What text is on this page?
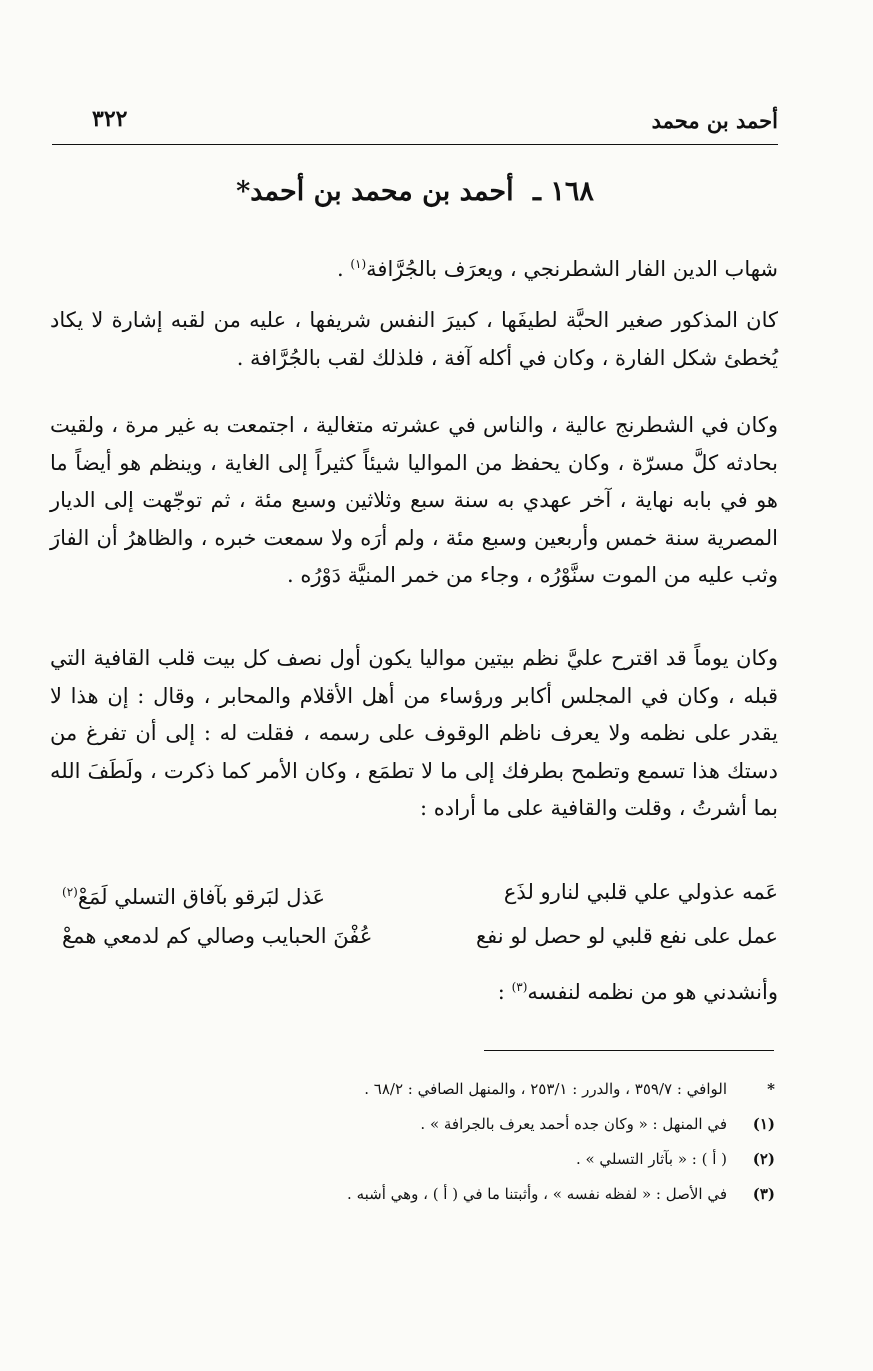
أحمد بن محمد
٣٢٢
١٦٨ ـ أحمد بن محمد بن أحمد*

شهاب الدين الفار الشطرنجي ، ويعرَف بالجُرَّافة$^{(١)}$ .

كان المذكور صغير الحبَّة لطيفَها ، كبيرَ النفس شريفها ، عليه من لقبه إشارة لا يكاد يُخطئ شكل الفارة ، وكان في أكله آفة ، فلذلك لقب بالجُرَّافة .

وكان في الشطرنج عالية ، والناس في عشرته متغالية ، اجتمعت به غير مرة ، ولقيت بحادثه كلَّ مسرّة ، وكان يحفظ من المواليا شيئاً كثيراً إلى الغاية ، وينظم هو أيضاً ما هو في بابه نهاية ، آخر عهدي به سنة سبع وثلاثين وسبع مئة ، ثم توجّهت إلى الديار المصرية سنة خمس وأربعين وسبع مئة ، ولم أرَه ولا سمعت خبره ، والظاهرُ أن الفارَ وثب عليه من الموت سنَّوْرُه ، وجاء من خمر المنيَّة دَوْرُه .

وكان يوماً قد اقترح عليَّ نظم بيتين مواليا يكون أول نصف كل بيت قلب القافية التي قبله ، وكان في المجلس أكابر ورؤساء من أهل الأقلام والمحابر ، وقال : إن هذا لا يقدر على نظمه ولا يعرف ناظم الوقوف على رسمه ، فقلت له : إلى أن تفرغ من دستك هذا تسمع وتطمح بطرفك إلى ما لا تطمَع ، وكان الأمر كما ذكرت ، ولَطَفَ الله بما أشرتُ ، وقلت والقافية على ما أراده :

عَمه عذولي علي قلبي لنارو لذَع
عَذل لبَرقو بآفاق التسلي لَمَعْ$^{(٢)}$
عمل على نفع قلبي لو حصل لو نفع
عُفْنَ الحبايب وصالي كم لدمعي همعْ
وأنشدني هو من نظمه لنفسه$^{(٣)}$ :
*
الوافي : ٣٥٩/٧ ، والدرر : ٢٥٣/١ ، والمنهل الصافي : ٦٨/٢ .
(١)
في المنهل : « وكان جده أحمد يعرف بالجرافة » .
(٢)
( أ ) : « بآثار التسلي » .
(٣)
في الأصل : « لفظه نفسه » ، وأثبتنا ما في ( أ ) ، وهي أشبه .
